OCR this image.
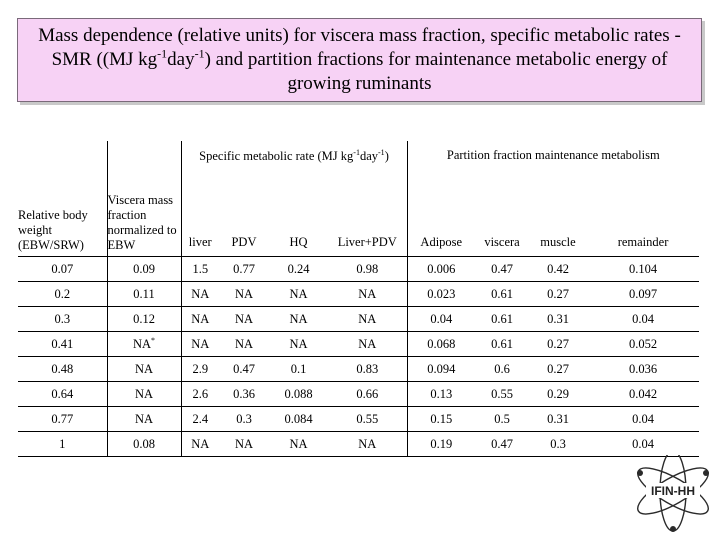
Mass dependence (relative units) for viscera mass fraction, specific metabolic rates -
SMR ((MJ $kg^{-1}day^{-1}$) and partition fractions for maintenance metabolic energy of
growing ruminants
Relative body weight (EBW/SRW)	Viscera mass fraction normalized to EBW	Specific metabolic rate (MJ $kg^{-1}day^{-1}$)				Partition fraction maintenance metabolism			
		liver	PDV	HQ	Liver+PDV	Adipose	viscera	muscle	remainder
0.07	0.09	1.5	0.77	0.24	0.98	0.006	0.47	0.42	0.104
0.2	0.11	NA	NA	NA	NA	0.023	0.61	0.27	0.097
0.3	0.12	NA	NA	NA	NA	0.04	0.61	0.31	0.04
0.41	NA*	NA	NA	NA	NA	0.068	0.61	0.27	0.052
0.48	NA	2.9	0.47	0.1	0.83	0.094	0.6	0.27	0.036
0.64	NA	2.6	0.36	0.088	0.66	0.13	0.55	0.29	0.042
0.77	NA	2.4	0.3	0.084	0.55	0.15	0.5	0.31	0.04
1	0.08	NA	NA	NA	NA	0.19	0.47	0.3	0.04
IFIN-HH
